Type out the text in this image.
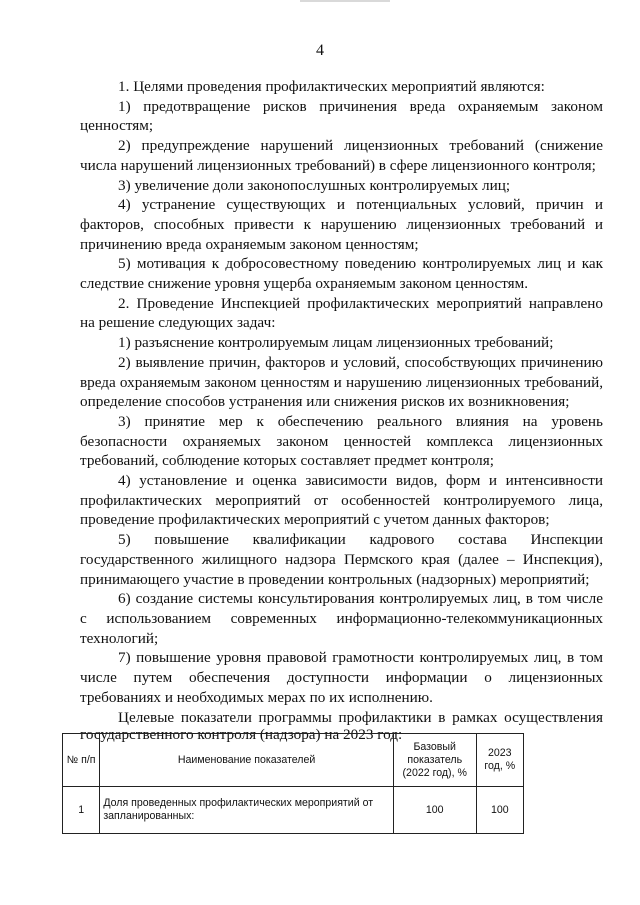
4

1. Целями проведения профилактических мероприятий являются:

1) предотвращение рисков причинения вреда охраняемым законом ценностям;

2) предупреждение нарушений лицензионных требований (снижение числа нарушений лицензионных требований) в сфере лицензионного контроля;

3) увеличение доли законопослушных контролируемых лиц;

4) устранение существующих и потенциальных условий, причин и факторов, способных привести к нарушению лицензионных требований и причинению вреда охраняемым законом ценностям;

5) мотивация к добросовестному поведению контролируемых лиц и как следствие снижение уровня ущерба охраняемым законом ценностям.

2. Проведение Инспекцией профилактических мероприятий направлено на решение следующих задач:

1) разъяснение контролируемым лицам лицензионных требований;

2) выявление причин, факторов и условий, способствующих причинению вреда охраняемым законом ценностям и нарушению лицензионных требований, определение способов устранения или снижения рисков их возникновения;

3) принятие мер к обеспечению реального влияния на уровень безопасности охраняемых законом ценностей комплекса лицензионных требований, соблюдение которых составляет предмет контроля;

4) установление и оценка зависимости видов, форм и интенсивности профилактических мероприятий от особенностей контролируемого лица, проведение профилактических мероприятий с учетом данных факторов;

5) повышение квалификации кадрового состава Инспекции государственного жилищного надзора Пермского края (далее – Инспекция), принимающего участие в проведении контрольных (надзорных) мероприятий;

6) создание системы консультирования контролируемых лиц, в том числе с использованием современных информационно-телекоммуникационных технологий;

7) повышение уровня правовой грамотности контролируемых лиц, в том числе путем обеспечения доступности информации о лицензионных требованиях и необходимых мерах по их исполнению.

Целевые показатели программы профилактики в рамках осуществления государственного контроля (надзора) на 2023 год:

№ п/п	Наименование показателей	Базовый показатель (2022 год), %	2023 год, %
1	Доля проведенных профилактических мероприятий от запланированных:	100	100
